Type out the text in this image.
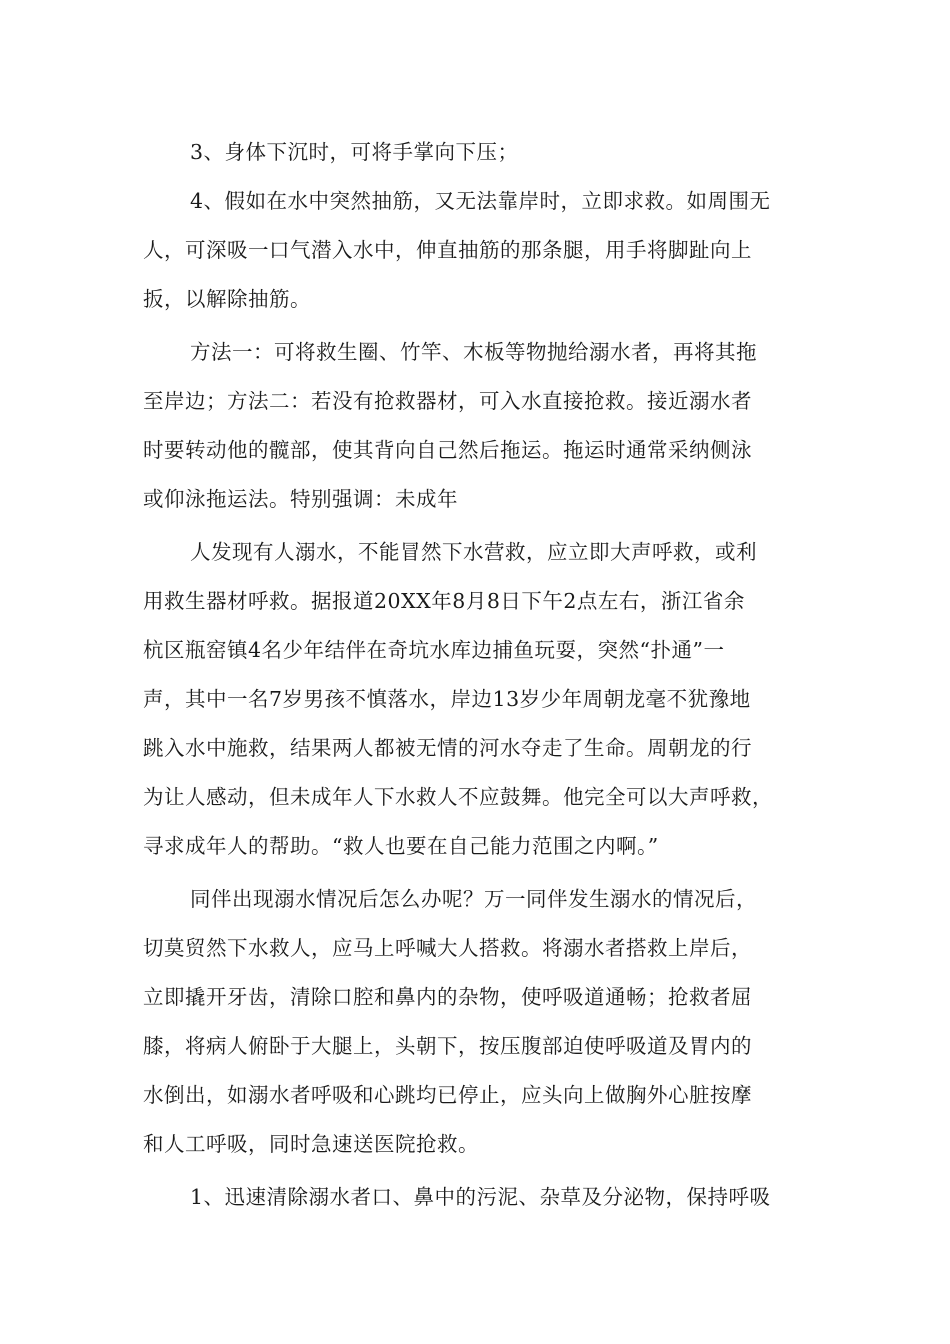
3、身体下沉时，可将手掌向下压；
4、假如在水中突然抽筋，又无法靠岸时，立即求救。如周围无
人，可深吸一口气潜入水中，伸直抽筋的那条腿，用手将脚趾向上
扳，以解除抽筋。
方法一：可将救生圈、竹竿、木板等物抛给溺水者，再将其拖
至岸边；方法二：若没有抢救器材，可入水直接抢救。接近溺水者
时要转动他的髋部，使其背向自己然后拖运。拖运时通常采纳侧泳
或仰泳拖运法。特别强调：未成年
人发现有人溺水，不能冒然下水营救，应立即大声呼救，或利
用救生器材呼救。据报道20XX年8月8日下午2点左右，浙江省余
杭区瓶窑镇4名少年结伴在奇坑水库边捕鱼玩耍，突然“扑通”一
声，其中一名7岁男孩不慎落水，岸边13岁少年周朝龙毫不犹豫地
跳入水中施救，结果两人都被无情的河水夺走了生命。周朝龙的行
为让人感动，但未成年人下水救人不应鼓舞。他完全可以大声呼救，
寻求成年人的帮助。“救人也要在自己能力范围之内啊。”
同伴出现溺水情况后怎么办呢？万一同伴发生溺水的情况后，
切莫贸然下水救人，应马上呼喊大人搭救。将溺水者搭救上岸后，
立即撬开牙齿，清除口腔和鼻内的杂物，使呼吸道通畅；抢救者屈
膝，将病人俯卧于大腿上，头朝下，按压腹部迫使呼吸道及胃内的
水倒出，如溺水者呼吸和心跳均已停止，应头向上做胸外心脏按摩
和人工呼吸，同时急速送医院抢救。
1、迅速清除溺水者口、鼻中的污泥、杂草及分泌物，保持呼吸
